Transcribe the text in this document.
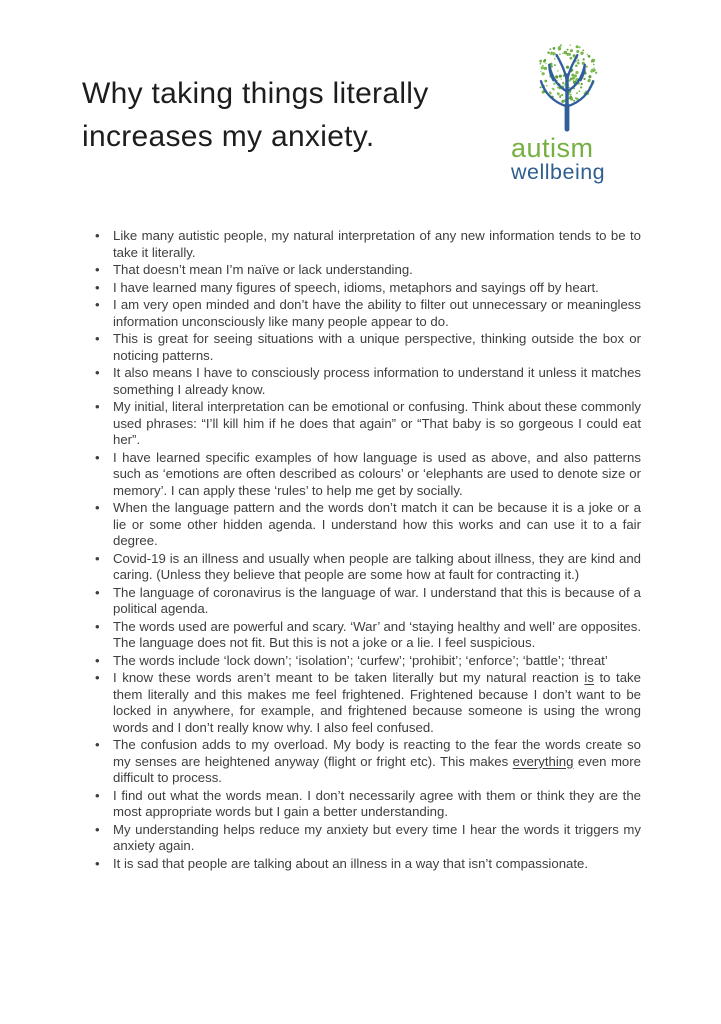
Why taking things literally
increases my anxiety.	autism
wellbeing
• Like many autistic people, my natural interpretation of any new information tends to be to take it literally.
• That doesn’t mean I’m naïve or lack understanding.
• I have learned many figures of speech, idioms, metaphors and sayings off by heart.
• I am very open minded and don’t have the ability to filter out unnecessary or meaningless information unconsciously like many people appear to do.
• This is great for seeing situations with a unique perspective, thinking outside the box or noticing patterns.
• It also means I have to consciously process information to understand it unless it matches something I already know.
• My initial, literal interpretation can be emotional or confusing. Think about these commonly used phrases: “I’ll kill him if he does that again” or “That baby is so gorgeous I could eat her”.
• I have learned specific examples of how language is used as above, and also patterns such as ‘emotions are often described as colours’ or ‘elephants are used to denote size or memory’. I can apply these ‘rules’ to help me get by socially.
• When the language pattern and the words don’t match it can be because it is a joke or a lie or some other hidden agenda. I understand how this works and can use it to a fair degree.
• Covid-19 is an illness and usually when people are talking about illness, they are kind and caring. (Unless they believe that people are some how at fault for contracting it.)
• The language of coronavirus is the language of war. I understand that this is because of a political agenda.
• The words used are powerful and scary. ‘War’ and ‘staying healthy and well’ are opposites. The language does not fit. But this is not a joke or a lie. I feel suspicious.
• The words include ‘lock down’; ‘isolation’; ‘curfew’; ‘prohibit’; ‘enforce’; ‘battle’; ‘threat’
• I know these words aren’t meant to be taken literally but my natural reaction is to take them literally and this makes me feel frightened. Frightened because I don’t want to be locked in anywhere, for example, and frightened because someone is using the wrong words and I don’t really know why. I also feel confused.
• The confusion adds to my overload. My body is reacting to the fear the words create so my senses are heightened anyway (flight or fright etc). This makes everything even more difficult to process.
• I find out what the words mean. I don’t necessarily agree with them or think they are the most appropriate words but I gain a better understanding.
• My understanding helps reduce my anxiety but every time I hear the words it triggers my anxiety again.
• It is sad that people are talking about an illness in a way that isn’t compassionate.
